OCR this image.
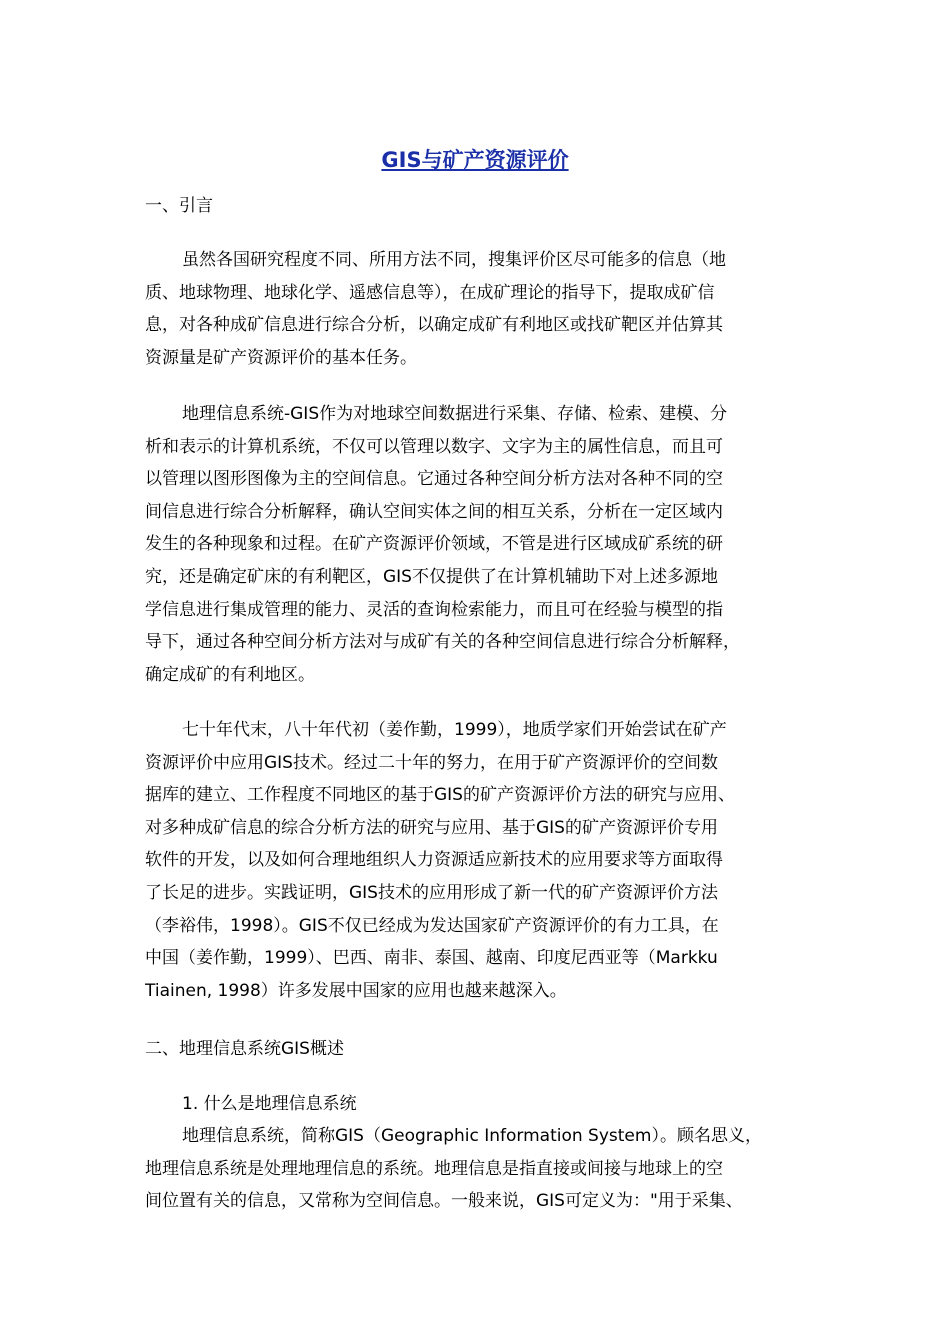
GIS与矿产资源评价

一、引言

虽然各国研究程度不同、所用方法不同，搜集评价区尽可能多的信息（地
质、地球物理、地球化学、遥感信息等），在成矿理论的指导下，提取成矿信
息，对各种成矿信息进行综合分析，以确定成矿有利地区或找矿靶区并估算其
资源量是矿产资源评价的基本任务。

地理信息系统-GIS作为对地球空间数据进行采集、存储、检索、建模、分
析和表示的计算机系统，不仅可以管理以数字、文字为主的属性信息，而且可
以管理以图形图像为主的空间信息。它通过各种空间分析方法对各种不同的空
间信息进行综合分析解释，确认空间实体之间的相互关系，分析在一定区域内
发生的各种现象和过程。在矿产资源评价领域，不管是进行区域成矿系统的研
究，还是确定矿床的有利靶区，GIS不仅提供了在计算机辅助下对上述多源地
学信息进行集成管理的能力、灵活的查询检索能力，而且可在经验与模型的指
导下，通过各种空间分析方法对与成矿有关的各种空间信息进行综合分析解释，
确定成矿的有利地区。

七十年代末，八十年代初（姜作勤，1999），地质学家们开始尝试在矿产
资源评价中应用GIS技术。经过二十年的努力，在用于矿产资源评价的空间数
据库的建立、工作程度不同地区的基于GIS的矿产资源评价方法的研究与应用、
对多种成矿信息的综合分析方法的研究与应用、基于GIS的矿产资源评价专用
软件的开发，以及如何合理地组织人力资源适应新技术的应用要求等方面取得
了长足的进步。实践证明，GIS技术的应用形成了新一代的矿产资源评价方法
（李裕伟，1998）。GIS不仅已经成为发达国家矿产资源评价的有力工具，在
中国（姜作勤，1999）、巴西、南非、泰国、越南、印度尼西亚等（Markku
Tiainen, 1998）许多发展中国家的应用也越来越深入。

二、地理信息系统GIS概述

1. 什么是地理信息系统

地理信息系统，简称GIS（Geographic Information System）。顾名思义，
地理信息系统是处理地理信息的系统。地理信息是指直接或间接与地球上的空
间位置有关的信息，又常称为空间信息。一般来说，GIS可定义为："用于采集、
